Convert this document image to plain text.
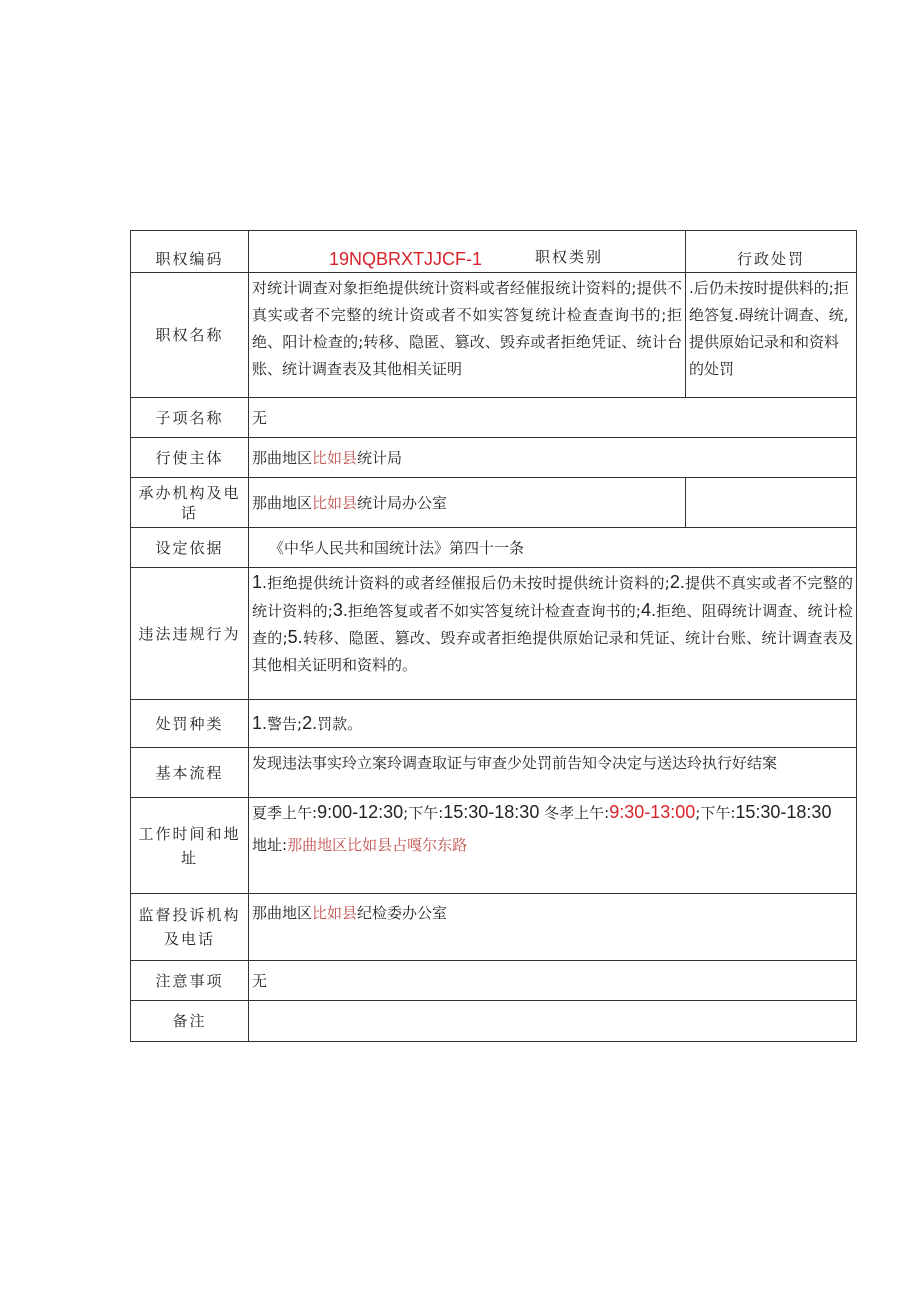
职权编码	19NQBRXTJJCF-1 职权类别	行政处罚
职权名称	对统计调查对象拒绝提供统计资料或者经催报统计资料的;提供不真实或者不完整的统计资或者不如实答复统计检查查询书的;拒绝、阳计检查的;转移、隐匿、篡改、毁弃或者拒绝凭证、统计台账、统计调查表及其他相关证明	.后仍未按时提供料的;拒绝答复.碍统计调查、统,提供原始记录和和资料的处罚
子项名称	无	
行使主体	那曲地区比如县统计局	
承办机构及电话	那曲地区比如县统计局办公室	
设定依据	《中华人民共和国统计法》第四十一条	
违法违规行为	1.拒绝提供统计资料的或者经催报后仍未按时提供统计资料的;2.提供不真实或者不完整的统计资料的;3.拒绝答复或者不如实答复统计检查查询书的;4.拒绝、阻碍统计调查、统计检查的;5.转移、隐匿、篡改、毁弃或者拒绝提供原始记录和凭证、统计台账、统计调查表及其他相关证明和资料的。	
处罚种类	1.警告;2.罚款。	
基本流程	发现违法事实玲立案玲调查取证与审查少处罚前告知令决定与送达玲执行好结案	
工作时间和地址	夏季上午:9:00-12:30;下午:15:30-18:30 冬孝上午:9:30-13:00;下午:15:30-18:30
地址:那曲地区比如县占嘎尔东路	

监督投诉机构及电话	那曲地区比如县纪检委办公室	
注意事项	无	
备注		
